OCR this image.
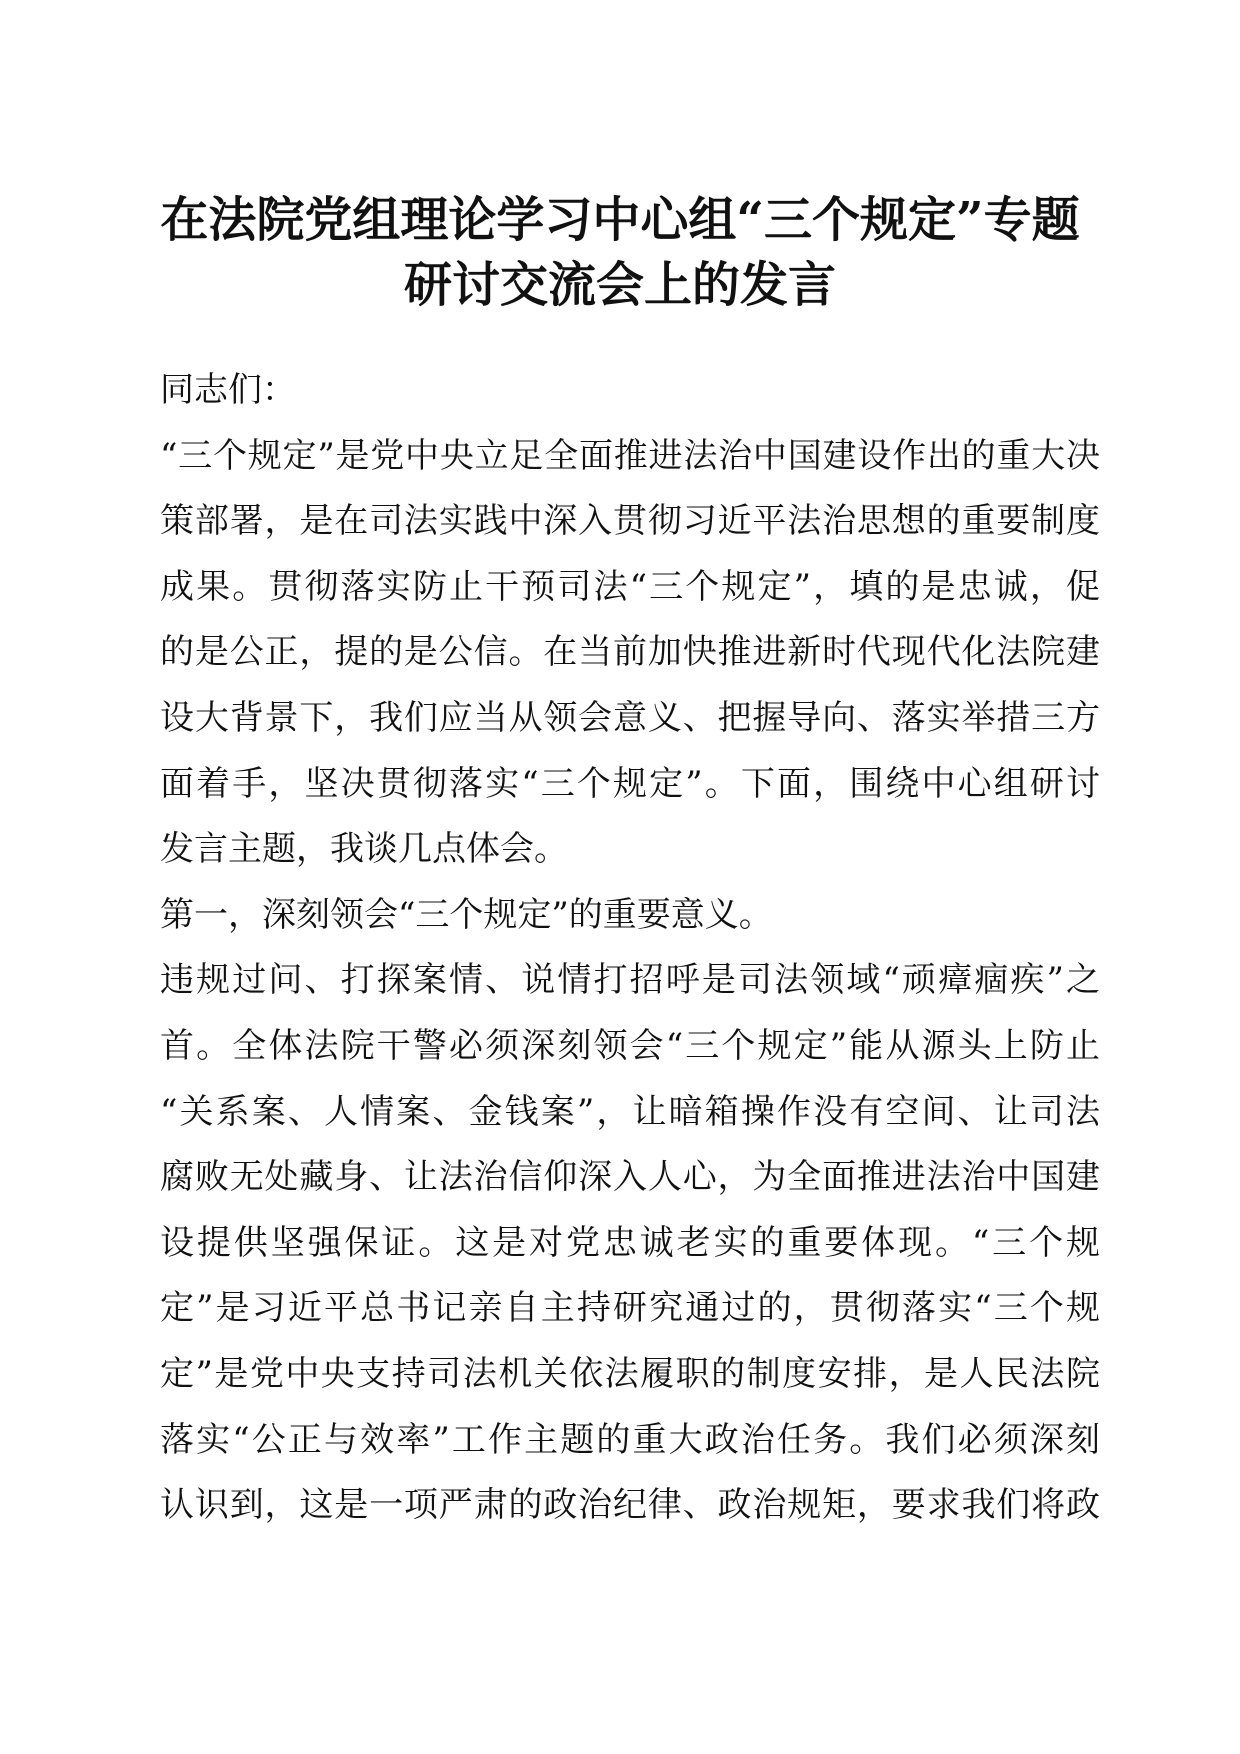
在法院党组理论学习中心组“三个规定”专题
研讨交流会上的发言
同志们：
“三个规定”是党中央立足全面推进法治中国建设作出的重大决
策部署，是在司法实践中深入贯彻习近平法治思想的重要制度
成果。贯彻落实防止干预司法“三个规定”，填的是忠诚，促
的是公正，提的是公信。在当前加快推进新时代现代化法院建
设大背景下，我们应当从领会意义、把握导向、落实举措三方
面着手，坚决贯彻落实“三个规定”。下面，围绕中心组研讨
发言主题，我谈几点体会。
第一，深刻领会“三个规定”的重要意义。
违规过问、打探案情、说情打招呼是司法领域“顽瘴痼疾”之
首。全体法院干警必须深刻领会“三个规定”能从源头上防止
“关系案、人情案、金钱案”，让暗箱操作没有空间、让司法
腐败无处藏身、让法治信仰深入人心，为全面推进法治中国建
设提供坚强保证。这是对党忠诚老实的重要体现。“三个规
定”是习近平总书记亲自主持研究通过的，贯彻落实“三个规
定”是党中央支持司法机关依法履职的制度安排，是人民法院
落实“公正与效率”工作主题的重大政治任务。我们必须深刻
认识到，这是一项严肃的政治纪律、政治规矩，要求我们将政
